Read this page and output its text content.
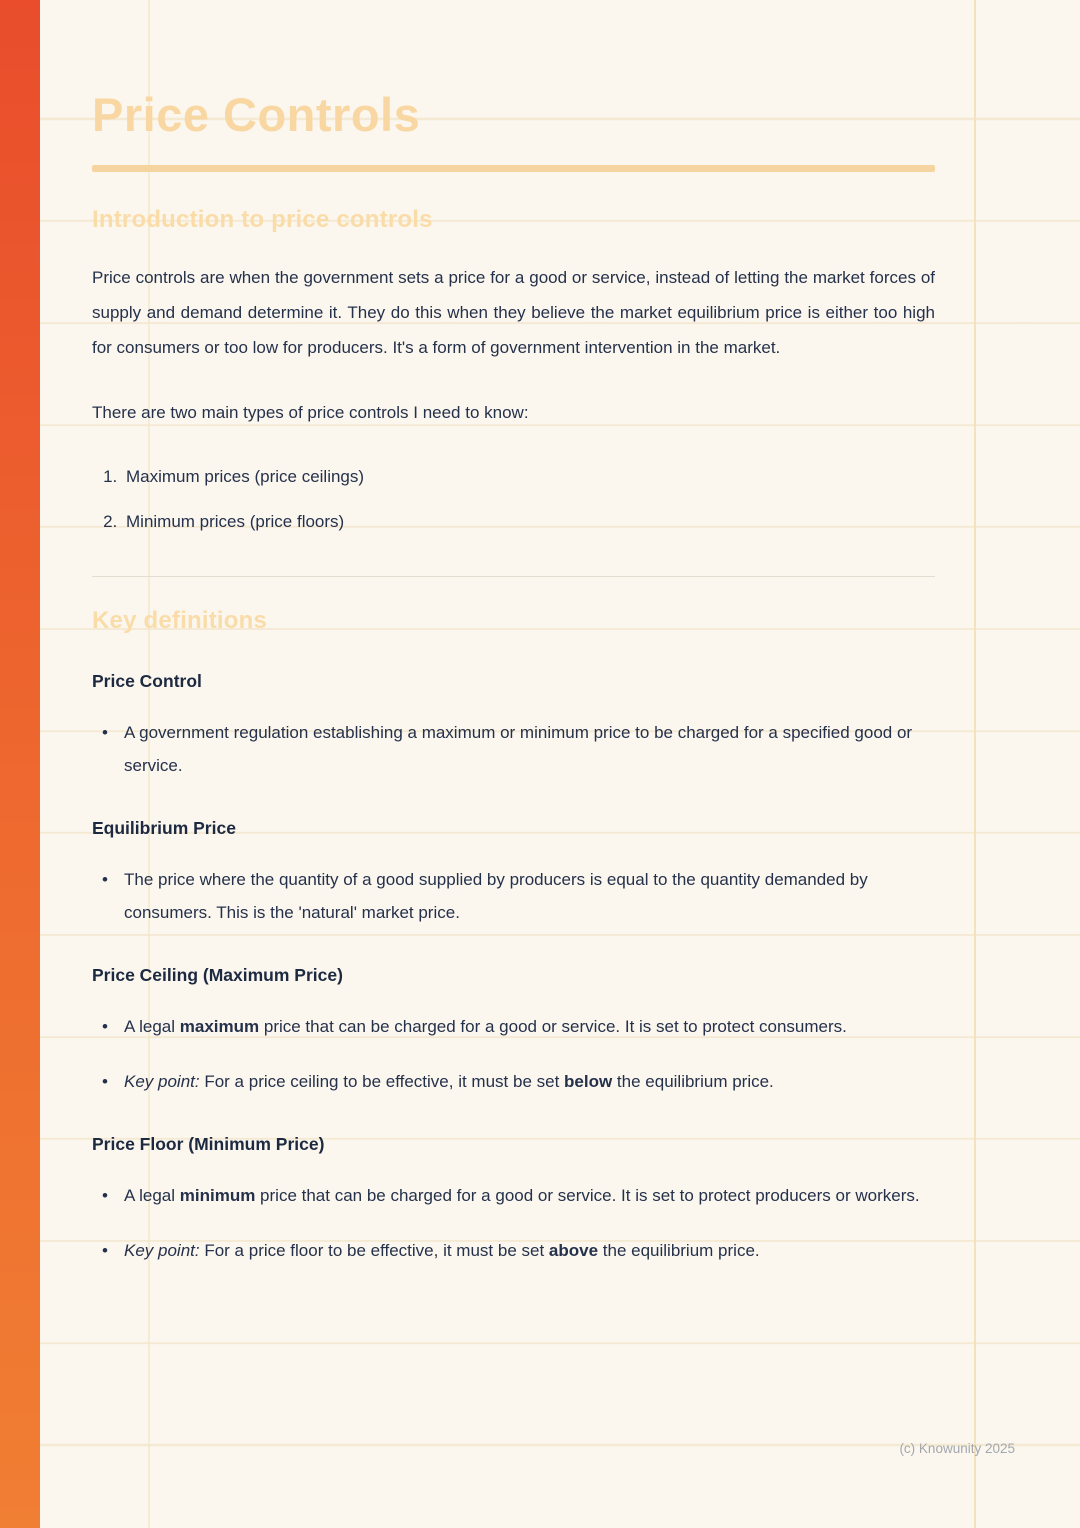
Price Controls
Introduction to price controls

Price controls are when the government sets a price for a good or service, instead of letting the market forces of supply and demand determine it. They do this when they believe the market equilibrium price is either too high for consumers or too low for producers. It's a form of government intervention in the market.

There are two main types of price controls I need to know:

1. Maximum prices (price ceilings)
2. Minimum prices (price floors)
Key definitions
Price Control
• A government regulation establishing a maximum or minimum price to be charged for a specified good or service.
Equilibrium Price
• The price where the quantity of a good supplied by producers is equal to the quantity demanded by consumers. This is the 'natural' market price.
Price Ceiling (Maximum Price)
• A legal maximum price that can be charged for a good or service. It is set to protect consumers.
• Key point: For a price ceiling to be effective, it must be set below the equilibrium price.
Price Floor (Minimum Price)
• A legal minimum price that can be charged for a good or service. It is set to protect producers or workers.
• Key point: For a price floor to be effective, it must be set above the equilibrium price.
(c) Knowunity 2025
